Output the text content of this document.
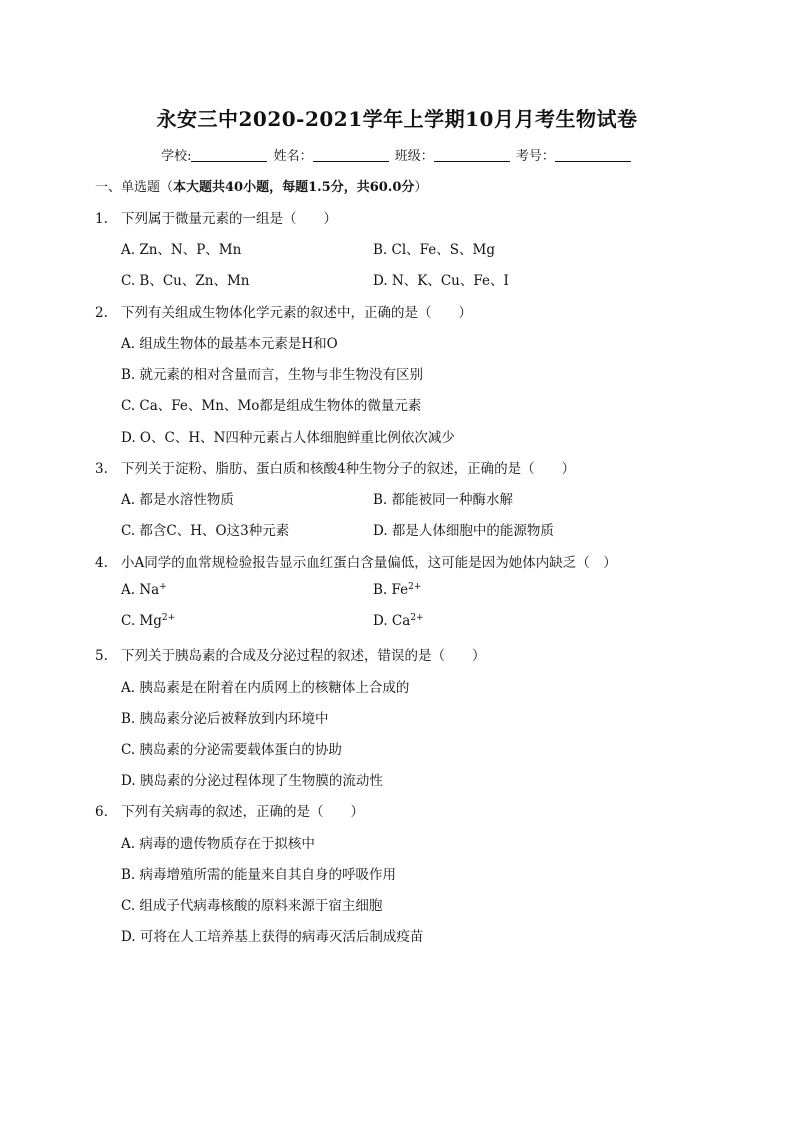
永安三中2020-2021学年上学期10月月考生物试卷
学校:	姓名：	班级：	考号：
一、单选题（本大题共40小题，每题1.5分，共60.0分）
1. 下列属于微量元素的一组是（　　）
A. Zn、N、P、Mn	B. Cl、Fe、S、Mg
C. B、Cu、Zn、Mn	D. N、K、Cu、Fe、I
2. 下列有关组成生物体化学元素的叙述中，正确的是（　　）
A. 组成生物体的最基本元素是H和O
B. 就元素的相对含量而言，生物与非生物没有区别
C. Ca、Fe、Mn、Mo都是组成生物体的微量元素
D. O、C、H、N四种元素占人体细胞鲜重比例依次减少
3. 下列关于淀粉、脂肪、蛋白质和核酸4种生物分子的叙述，正确的是（　　）
A. 都是水溶性物质	B. 都能被同一种酶水解
C. 都含C、H、O这3种元素	D. 都是人体细胞中的能源物质
4. 小A同学的血常规检验报告显示血红蛋白含量偏低，这可能是因为她体内缺乏（　）
A. Na+	B. $Fe^{2+}$
C. $Mg^{2+}$	D. $Ca^{2+}$
5. 下列关于胰岛素的合成及分泌过程的叙述，错误的是（　　）
A. 胰岛素是在附着在内质网上的核糖体上合成的
B. 胰岛素分泌后被释放到内环境中
C. 胰岛素的分泌需要载体蛋白的协助
D. 胰岛素的分泌过程体现了生物膜的流动性
6. 下列有关病毒的叙述，正确的是（　　）
A. 病毒的遗传物质存在于拟核中
B. 病毒增殖所需的能量来自其自身的呼吸作用
C. 组成子代病毒核酸的原料来源于宿主细胞
D. 可将在人工培养基上获得的病毒灭活后制成疫苗
